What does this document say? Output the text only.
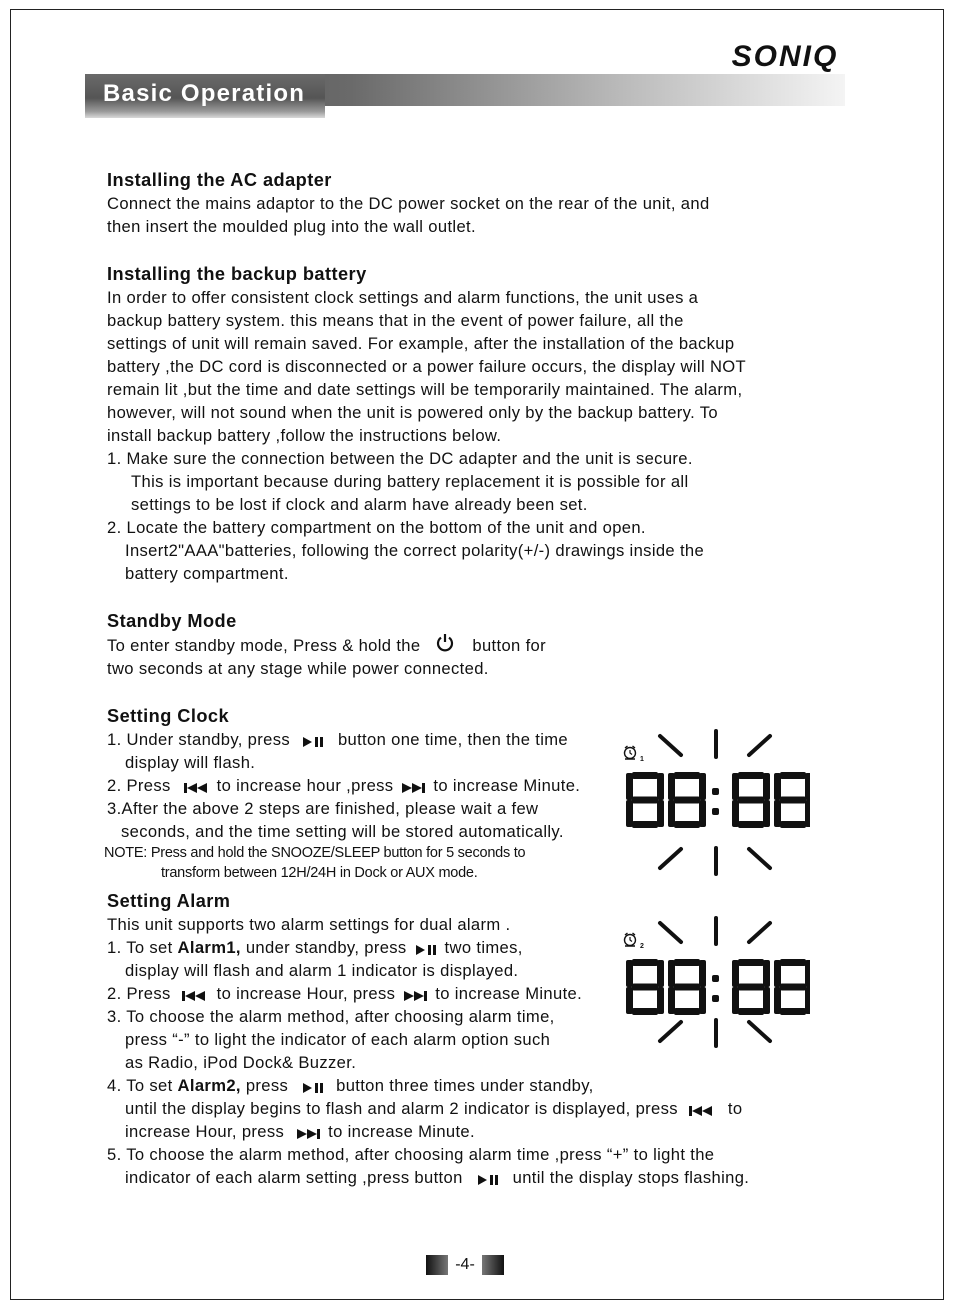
SONIQ
Basic Operation
Installing the AC adapter

Connect the mains adaptor to the DC power socket on the rear of the unit, and

then insert the moulded plug into the wall outlet.

Installing the backup battery

In order to offer consistent clock settings and alarm functions, the unit uses a

backup battery system. this means that in the event of power failure, all the

settings of unit will remain saved. For example, after the installation of the backup

battery ,the DC cord is disconnected or a power failure occurs, the display will NOT

remain lit ,but the time and date settings will be temporarily maintained. The alarm,

however, will not sound when the unit is powered only by the backup battery. To

install backup battery ,follow the instructions below.

1. Make sure the connection between the DC adapter and the unit is secure.

This is important because during battery replacement it is possible for all

settings to be lost if clock and alarm have already been set.

2. Locate the battery compartment on the bottom of the unit and open.

Insert2"AAA"batteries, following the correct polarity(+/-) drawings inside the

battery compartment.

Standby Mode

To enter standby mode, Press & hold the	button for

two seconds at any stage while power connected.

Setting Clock

1. Under standby, press	button one time, then the time

display will flash.

2. Press	to increase hour ,press to increase Minute.

3.After the above 2 steps are finished, please wait a few

seconds, and the time setting will be stored automatically.

NOTE: Press and hold the SNOOZE/SLEEP button for 5 seconds to

transform between 12H/24H in Dock or AUX mode.

Setting Alarm

This unit supports two alarm settings for dual alarm .

1. To set Alarm1, under standby, press two times,

display will flash and alarm 1 indicator is displayed.

2. Press	to increase Hour, press to increase Minute.

3. To choose the alarm method, after choosing alarm time,

press “-” to light the indicator of each alarm option such

as Radio, iPod Dock& Buzzer.

4. To set Alarm2, press	button three times under standby,

until the display begins to flash and alarm 2 indicator is displayed, press	to

increase Hour, press	to increase Minute.

5. To choose the alarm method, after choosing alarm time ,press “+” to light the

indicator of each alarm setting ,press button	until the display stops flashing.

1
2
-4-
